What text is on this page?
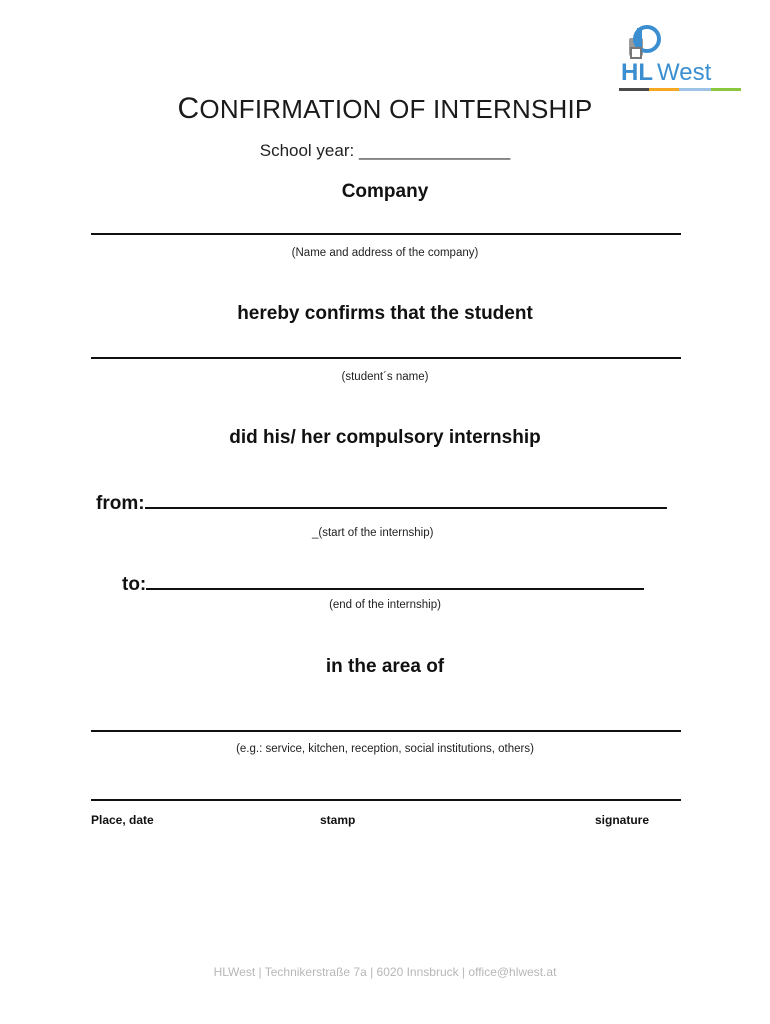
HL West
CONFIRMATION OF INTERNSHIP
School year: ________________
Company
(Name and address of the company)
hereby confirms that the student
(student´s name)
did his/ her compulsory internship
from:
_(start of the internship)
to:
(end of the internship)
in the area of
(e.g.: service, kitchen, reception, social institutions, others)
Place, date	stamp	signature
HLWest | Technikerstraße 7a | 6020 Innsbruck | office@hlwest.at
